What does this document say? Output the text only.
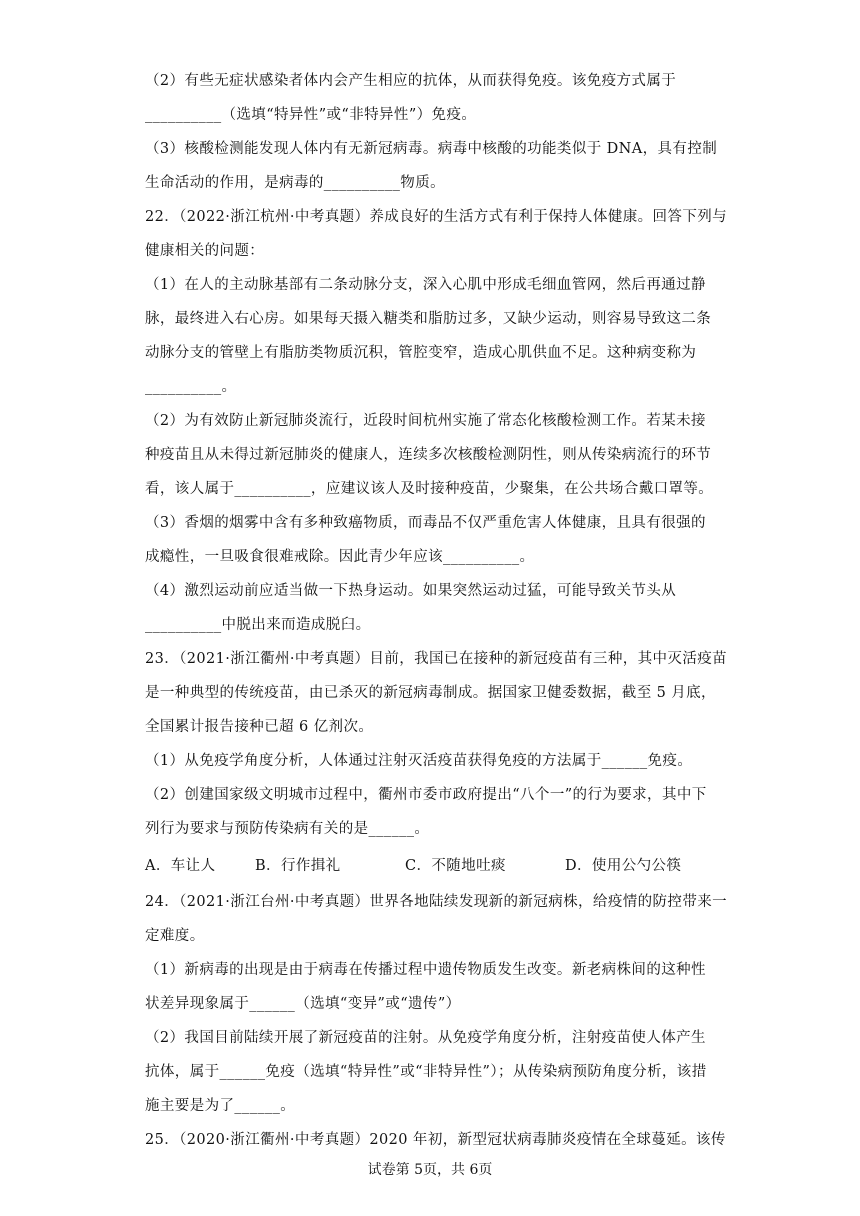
（2）有些无症状感染者体内会产生相应的抗体，从而获得免疫。该免疫方式属于
__________（选填“特异性”或“非特异性”）免疫。
（3）核酸检测能发现人体内有无新冠病毒。病毒中核酸的功能类似于 DNA，具有控制
生命活动的作用，是病毒的__________物质。
22．（2022·浙江杭州·中考真题）养成良好的生活方式有利于保持人体健康。回答下列与
健康相关的问题：
（1）在人的主动脉基部有二条动脉分支，深入心肌中形成毛细血管网，然后再通过静
脉，最终进入右心房。如果每天摄入糖类和脂肪过多，又缺少运动，则容易导致这二条
动脉分支的管壁上有脂肪类物质沉积，管腔变窄，造成心肌供血不足。这种病变称为
__________。
（2）为有效防止新冠肺炎流行，近段时间杭州实施了常态化核酸检测工作。若某未接
种疫苗且从未得过新冠肺炎的健康人，连续多次核酸检测阴性，则从传染病流行的环节
看，该人属于__________，应建议该人及时接种疫苗，少聚集，在公共场合戴口罩等。
（3）香烟的烟雾中含有多种致癌物质，而毒品不仅严重危害人体健康，且具有很强的
成瘾性，一旦吸食很难戒除。因此青少年应该__________。
（4）激烈运动前应适当做一下热身运动。如果突然运动过猛，可能导致关节头从
__________中脱出来而造成脱臼。
23．（2021·浙江衢州·中考真题）目前，我国已在接种的新冠疫苗有三种，其中灭活疫苗
是一种典型的传统疫苗，由已杀灭的新冠病毒制成。据国家卫健委数据，截至 5 月底，
全国累计报告接种已超 6 亿剂次。
（1）从免疫学角度分析，人体通过注射灭活疫苗获得免疫的方法属于______免疫。
（2）创建国家级文明城市过程中，衢州市委市政府提出“八个一”的行为要求，其中下
列行为要求与预防传染病有关的是______。
A．车让人	B．行作揖礼	C．不随地吐痰	D．使用公勺公筷
24．（2021·浙江台州·中考真题）世界各地陆续发现新的新冠病株，给疫情的防控带来一
定难度。
（1）新病毒的出现是由于病毒在传播过程中遗传物质发生改变。新老病株间的这种性
状差异现象属于______（选填“变异”或“遗传”）
（2）我国目前陆续开展了新冠疫苗的注射。从免疫学角度分析，注射疫苗使人体产生
抗体，属于______免疫（选填“特异性”或“非特异性”）；从传染病预防角度分析，该措
施主要是为了______。
25．（2020·浙江衢州·中考真题）2020 年初，新型冠状病毒肺炎疫情在全球蔓延。该传
试卷第 5页，共 6页
